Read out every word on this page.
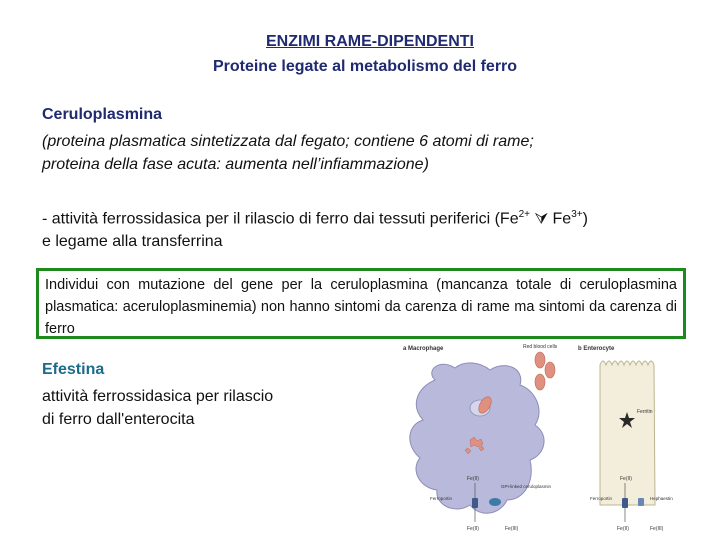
ENZIMI RAME-DIPENDENTI
Proteine legate al metabolismo del ferro
Ceruloplasmina
(proteina plasmatica sintetizzata dal fegato; contiene 6 atomi di rame;
proteina della fase acuta: aumenta nell’infiammazione)
- attività ferrossidasica per il rilascio di ferro dai tessuti periferici ($Fe^{2+}$ ⮛ $Fe^{3+}$)
e legame alla transferrina
Individui con mutazione del gene per la ceruloplasmina (mancanza totale di ceruloplasmina plasmatica: aceruloplasminemia) non hanno sintomi da carenza di rame ma sintomi da carenza di ferro
Efestina
attività ferrossidasica per rilascio
di ferro dall'enterocita
a Macrophage	b Enterocyte
Red blood cells
Fe(II)
GPI-linked ceruloplasmin
Ferroportin
Fe(II)	Fe(III)
Ferritin
Fe(II)
Ferroportin	Hephaestin
Fe(II)	Fe(III)
